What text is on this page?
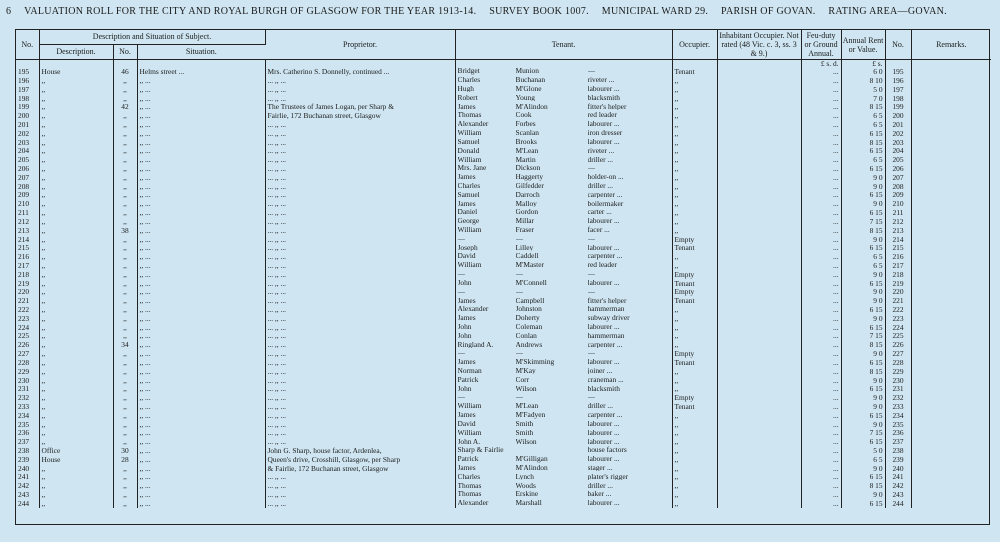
6 VALUATION ROLL FOR THE CITY AND ROYAL BURGH OF GLASGOW FOR THE YEAR 1913-14. SURVEY BOOK 1007. MUNICIPAL WARD 29. PARISH OF GOVAN. RATING AREA—GOVAN.
No.	Description and Situation of Subject.			Proprietor.	Tenant.	Occupier.	Inhabitant Occupier. Not rated (48 Vic. c. 3, ss. 3 & 9.)	Feu-duty or Ground Annual.	Annual Rent or Value.	No.	Remarks.
	Description.	No.	Situation.								
								£ s. d.	£ s.		
195	House	46	Helms street ...	Mrs. Catherino S. Donnelly, continued ...	Bridget Munion —	Tenant		...	6 0	195	
196	,,	,,	,, ...	... ,, ...	Charles Buchanan riveter ...	,,		...	8 10	196	
197	,,	,,	,, ...	... ,, ...	Hugh M'Glone labourer ...	,,		...	5 0	197	
198	,,	,,	,, ...	... ,, ...	Robert Young blacksmith	,,		...	7 0	198	
199	,,	42	,, ...	The Trustees of James Logan, per Sharp &	James M'Alindon fitter's helper	,,		...	8 15	199	
200	,,	,,	,, ...	Fairlie, 172 Buchanan street, Glasgow	Thomas Cook red leader	,,		...	6 5	200	
201	,,	,,	,, ...	... ,, ...	Alexander Forbes labourer ...	,,		...	6 5	201	
202	,,	,,	,, ...	... ,, ...	William Scanlan iron dresser	,,		...	6 15	202	
203	,,	,,	,, ...	... ,, ...	Samuel Brooks labourer ...	,,		...	8 15	203	
204	,,	,,	,, ...	... ,, ...	Donald M'Lean riveter ...	,,		...	6 15	204	
205	,,	,,	,, ...	... ,, ...	William Martin driller ...	,,		...	6 5	205	
206	,,	,,	,, ...	... ,, ...	Mrs. Jane Dickson —	,,		...	6 15	206	
207	,,	,,	,, ...	... ,, ...	James Haggerty holder-on ...	,,		...	9 0	207	
208	,,	,,	,, ...	... ,, ...	Charles Gilfedder driller ...	,,		...	9 0	208	
209	,,	,,	,, ...	... ,, ...	Samuel Darroch carpenter ...	,,		...	6 15	209	
210	,,	,,	,, ...	... ,, ...	James Malloy boilermaker	,,		...	9 0	210	
211	,,	,,	,, ...	... ,, ...	Daniel Gordon carter ...	,,		...	6 15	211	
212	,,	,,	,, ...	... ,, ...	George Millar labourer ...	,,		...	7 15	212	
213	,,	38	,, ...	... ,, ...	William Fraser facer ...	,,		...	8 15	213	
214	,,	,,	,, ...	... ,, ...	— — —	Empty		...	9 0	214	
215	,,	,,	,, ...	... ,, ...	Joseph Lilley labourer ...	Tenant		...	6 15	215	
216	,,	,,	,, ...	... ,, ...	David Caddell carpenter ...	,,		...	6 5	216	
217	,,	,,	,, ...	... ,, ...	William M'Master red leader	,,		...	6 5	217	
218	,,	,,	,, ...	... ,, ...	— — —	Empty		...	9 0	218	
219	,,	,,	,, ...	... ,, ...	John M'Connell labourer ...	Tenant		...	6 15	219	
220	,,	,,	,, ...	... ,, ...	— — —	Empty		...	9 0	220	
221	,,	,,	,, ...	... ,, ...	James Campbell fitter's helper	Tenant		...	9 0	221	
222	,,	,,	,, ...	... ,, ...	Alexander Johnston hammerman	,,		...	6 15	222	
223	,,	,,	,, ...	... ,, ...	James Doherty subway driver	,,		...	9 0	223	
224	,,	,,	,, ...	... ,, ...	John Coleman labourer ...	,,		...	6 15	224	
225	,,	,,	,, ...	... ,, ...	John Conlan hammerman	,,		...	7 15	225	
226	,,	34	,, ...	... ,, ...	Ringland A. Andrews carpenter ...	,,		...	8 15	226	
227	,,	,,	,, ...	... ,, ...	— — —	Empty		...	9 0	227	
228	,,	,,	,, ...	... ,, ...	James M'Skimming labourer ...	Tenant		...	6 15	228	
229	,,	,,	,, ...	... ,, ...	Norman M'Kay joiner ...	,,		...	8 15	229	
230	,,	,,	,, ...	... ,, ...	Patrick Corr craneman ...	,,		...	9 0	230	
231	,,	,,	,, ...	... ,, ...	John Wilson blacksmith	,,		...	6 15	231	
232	,,	,,	,, ...	... ,, ...	— — —	Empty		...	9 0	232	
233	,,	,,	,, ...	... ,, ...	William M'Lean driller ...	Tenant		...	9 0	233	
234	,,	,,	,, ...	... ,, ...	James M'Fadyen carpenter ...	,,		...	6 15	234	
235	,,	,,	,, ...	... ,, ...	David Smith labourer ...	,,		...	9 0	235	
236	,,	,,	,, ...	... ,, ...	William Smith labourer ...	,,		...	7 15	236	
237	,,	,,	,, ...	... ,, ...	John A. Wilson labourer ...	,,		...	6 15	237	
238	Office	30	,, ...	John G. Sharp, house factor, Ardenlea,	Sharp & Fairlie house factors	,,		...	5 0	238	
239	House	28	,, ...	Queen's drive, Crosshill, Glasgow, per Sharp	Patrick M'Gilligan labourer ...	,,		...	6 5	239	
240	,,	,,	,, ...	& Fairlie, 172 Buchanan street, Glasgow	James M'Alindon stager ...	,,		...	9 0	240	
241	,,	,,	,, ...	... ,, ...	Charles Lynch plater's rigger	,,		...	6 15	241	
242	,,	,,	,, ...	... ,, ...	Thomas Woods driller ...	,,		...	8 15	242	
243	,,	,,	,, ...	... ,, ...	Thomas Erskine baker ...	,,		...	9 0	243	
244	,,	,,	,, ...	... ,, ...	Alexander Marshall labourer ...	,,		...	6 15	244	
